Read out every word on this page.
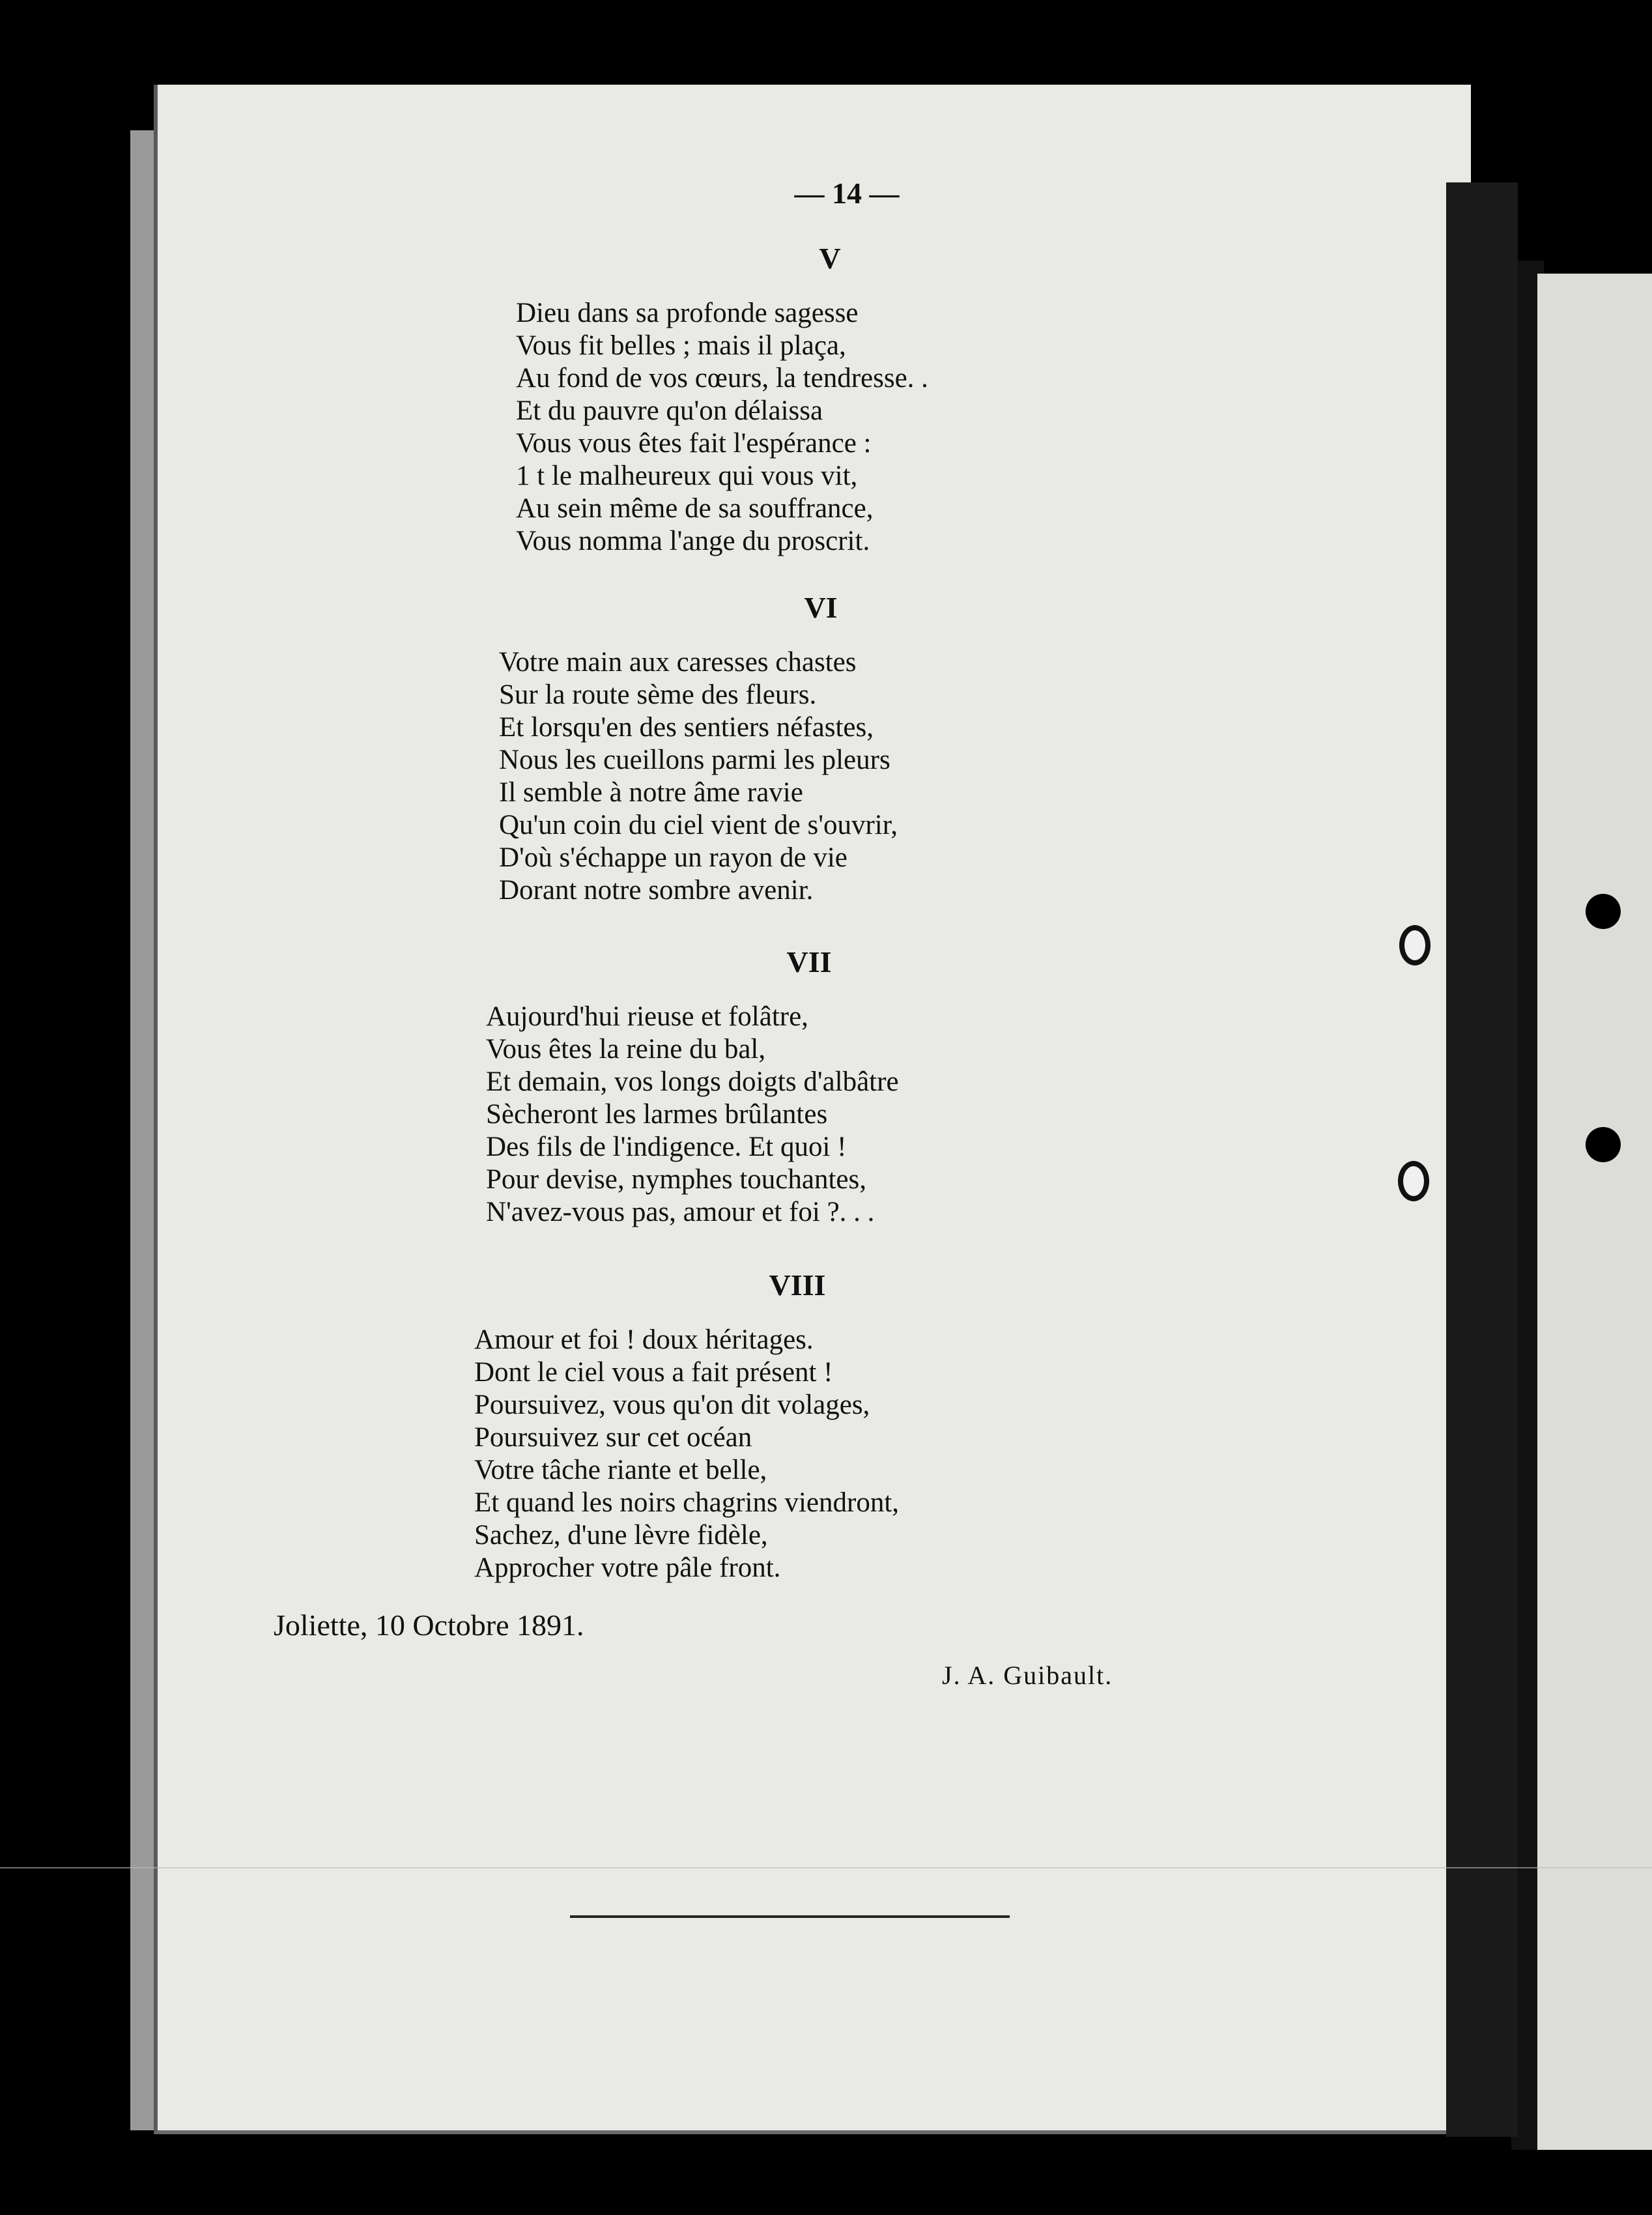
— 14 —
V
Dieu dans sa profonde sagesse
Vous fit belles ; mais il plaça,
Au fond de vos cœurs, la tendresse. .
Et du pauvre qu'on délaissa
Vous vous êtes fait l'espérance :
1 t le malheureux qui vous vit,
Au sein même de sa souffrance,
Vous nomma l'ange du proscrit.
VI
Votre main aux caresses chastes
Sur la route sème des fleurs.
Et lorsqu'en des sentiers néfastes,
Nous les cueillons parmi les pleurs
Il semble à notre âme ravie
Qu'un coin du ciel vient de s'ouvrir,
D'où s'échappe un rayon de vie
Dorant notre sombre avenir.
VII
Aujourd'hui rieuse et folâtre,
Vous êtes la reine du bal,
Et demain, vos longs doigts d'albâtre
Sècheront les larmes brûlantes
Des fils de l'indigence. Et quoi !
Pour devise, nymphes touchantes,
N'avez-vous pas, amour et foi ?. . .
VIII
Amour et foi ! doux héritages.
Dont le ciel vous a fait présent !
Poursuivez, vous qu'on dit volages,
Poursuivez sur cet océan
Votre tâche riante et belle,
Et quand les noirs chagrins viendront,
Sachez, d'une lèvre fidèle,
Approcher votre pâle front.
Joliette, 10 Octobre 1891.
J. A. Guibault.
